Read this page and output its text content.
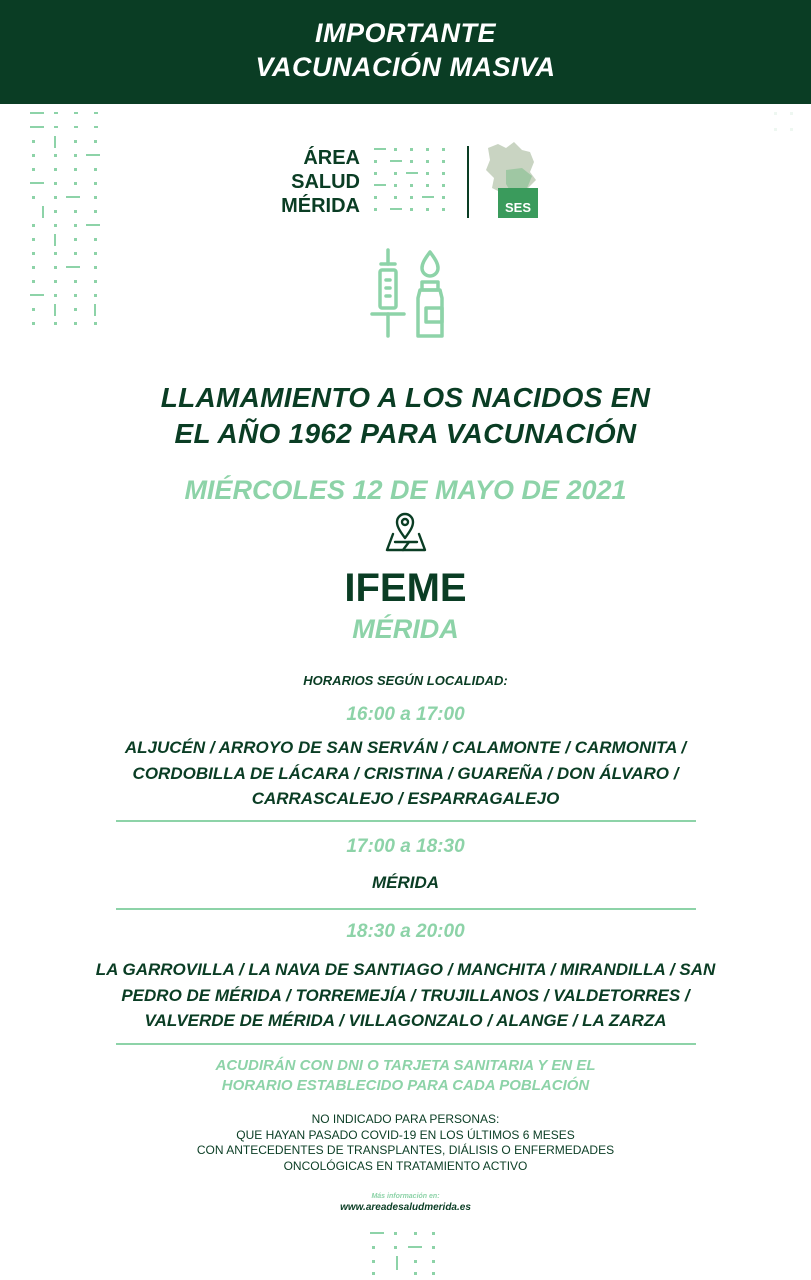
IMPORTANTE
VACUNACIÓN MASIVA
ÁREA
SALUD
MÉRIDA	SES
LLAMAMIENTO A LOS NACIDOS EN
EL AÑO 1962 PARA VACUNACIÓN
MIÉRCOLES 12 DE MAYO DE 2021
IFEME
MÉRIDA
HORARIOS SEGÚN LOCALIDAD:
16:00 a 17:00
ALJUCÉN / ARROYO DE SAN SERVÁN / CALAMONTE / CARMONITA /
CORDOBILLA DE LÁCARA / CRISTINA / GUAREÑA / DON ÁLVARO /
CARRASCALEJO / ESPARRAGALEJO
17:00 a 18:30
MÉRIDA
18:30 a 20:00
LA GARROVILLA / LA NAVA DE SANTIAGO / MANCHITA / MIRANDILLA / SAN
PEDRO DE MÉRIDA / TORREMEJÍA / TRUJILLANOS / VALDETORRES /
VALVERDE DE MÉRIDA / VILLAGONZALO / ALANGE / LA ZARZA
ACUDIRÁN CON DNI O TARJETA SANITARIA Y EN EL
HORARIO ESTABLECIDO PARA CADA POBLACIÓN
NO INDICADO PARA PERSONAS:
QUE HAYAN PASADO COVID-19 EN LOS ÚLTIMOS 6 MESES
CON ANTECEDENTES DE TRANSPLANTES, DIÁLISIS O ENFERMEDADES
ONCOLÓGICAS EN TRATAMIENTO ACTIVO
Más información en:
www.areadesaludmerida.es
